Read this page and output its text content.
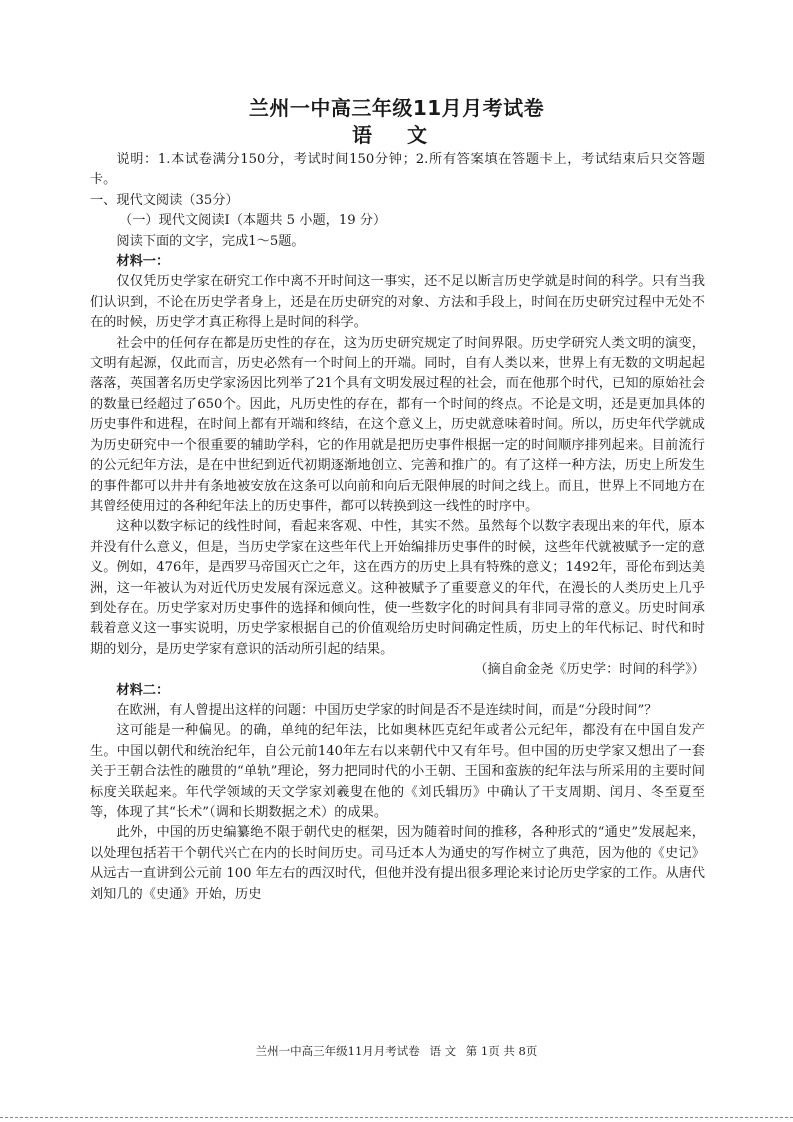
兰州一中高三年级11月月考试卷
语 文

说明：1.本试卷满分150分，考试时间150分钟；2.所有答案填在答题卡上，考试结束后只交答题卡。

一、现代文阅读（35分）

（一）现代文阅读Ⅰ（本题共 5 小题，19 分）

阅读下面的文字，完成1～5题。

材料一：

仅仅凭历史学家在研究工作中离不开时间这一事实，还不足以断言历史学就是时间的科学。只有当我们认识到，不论在历史学者身上，还是在历史研究的对象、方法和手段上，时间在历史研究过程中无处不在的时候，历史学才真正称得上是时间的科学。

社会中的任何存在都是历史性的存在，这为历史研究规定了时间界限。历史学研究人类文明的演变，文明有起源，仅此而言，历史必然有一个时间上的开端。同时，自有人类以来，世界上有无数的文明起起落落，英国著名历史学家汤因比列举了21个具有文明发展过程的社会，而在他那个时代，已知的原始社会的数量已经超过了650个。因此，凡历史性的存在，都有一个时间的终点。不论是文明，还是更加具体的历史事件和进程，在时间上都有开端和终结，在这个意义上，历史就意味着时间。所以，历史年代学就成为历史研究中一个很重要的辅助学科，它的作用就是把历史事件根据一定的时间顺序排列起来。目前流行的公元纪年方法，是在中世纪到近代初期逐渐地创立、完善和推广的。有了这样一种方法，历史上所发生的事件都可以井井有条地被安放在这条可以向前和向后无限伸展的时间之线上。而且，世界上不同地方在其曾经使用过的各种纪年法上的历史事件，都可以转换到这一线性的时序中。

这种以数字标记的线性时间，看起来客观、中性，其实不然。虽然每个以数字表现出来的年代，原本并没有什么意义，但是，当历史学家在这些年代上开始编排历史事件的时候，这些年代就被赋予一定的意义。例如，476年，是西罗马帝国灭亡之年，这在西方的历史上具有特殊的意义；1492年，哥伦布到达美洲，这一年被认为对近代历史发展有深远意义。这种被赋予了重要意义的年代，在漫长的人类历史上几乎到处存在。历史学家对历史事件的选择和倾向性，使一些数字化的时间具有非同寻常的意义。历史时间承载着意义这一事实说明，历史学家根据自己的价值观给历史时间确定性质，历史上的年代标记、时代和时期的划分，是历史学家有意识的活动所引起的结果。

（摘自俞金尧《历史学：时间的科学》）

材料二：

在欧洲，有人曾提出这样的问题：中国历史学家的时间是否不是连续时间，而是“分段时间”？

这可能是一种偏见。的确，单纯的纪年法，比如奥林匹克纪年或者公元纪年，都没有在中国自发产生。中国以朝代和统治纪年，自公元前140年左右以来朝代中又有年号。但中国的历史学家又想出了一套关于王朝合法性的融贯的“单轨”理论，努力把同时代的小王朝、王国和蛮族的纪年法与所采用的主要时间标度关联起来。年代学领域的天文学家刘羲叟在他的《刘氏辑历》中确认了干支周期、闰月、冬至夏至等，体现了其“长术”（调和长期数据之术）的成果。

此外，中国的历史编纂绝不限于朝代史的框架，因为随着时间的推移，各种形式的“通史”发展起来，以处理包括若干个朝代兴亡在内的长时间历史。司马迁本人为通史的写作树立了典范，因为他的《史记》从远古一直讲到公元前 100 年左右的西汉时代，但他并没有提出很多理论来讨论历史学家的工作。从唐代刘知几的《史通》开始，历史

兰州一中高三年级11月月考试卷 语 文 第 1页 共 8页
